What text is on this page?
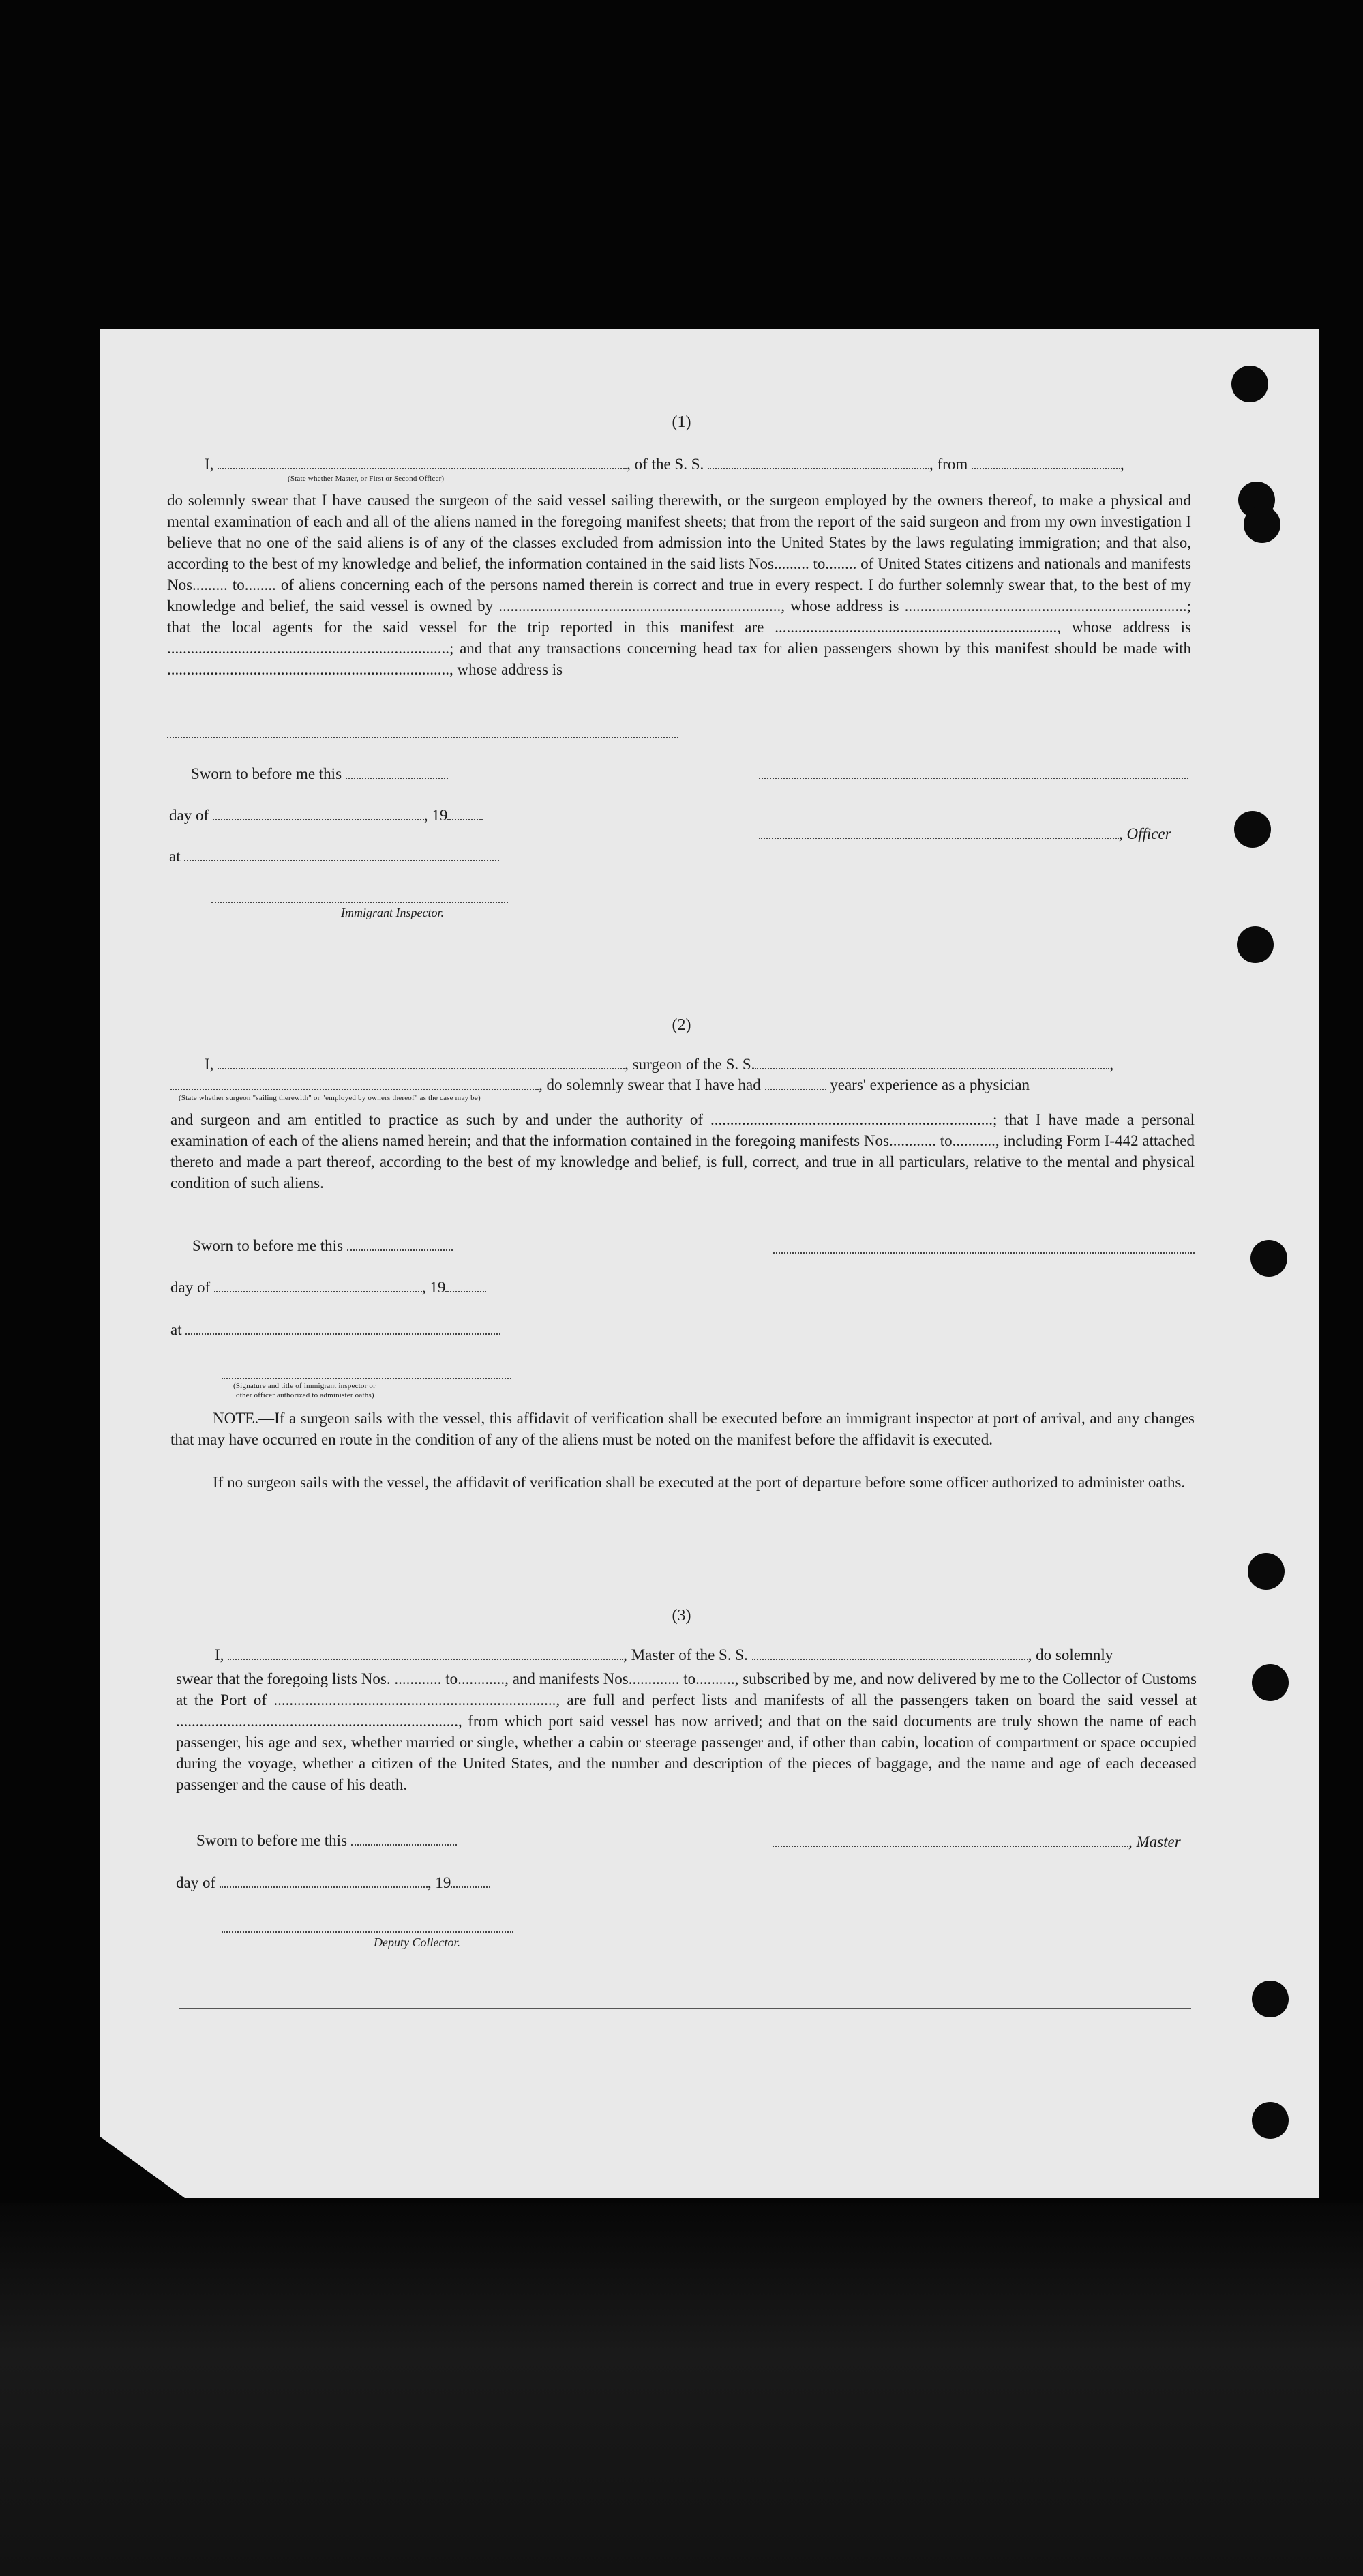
(1)
I,	, of the S. S.	, from	,
(State whether Master, or First or Second Officer)
do solemnly swear that I have caused the surgeon of the said vessel sailing therewith, or the surgeon employed by the owners thereof, to make a physical and mental examination of each and all of the aliens named in the foregoing manifest sheets; that from the report of the said surgeon and from my own investigation I believe that no one of the said aliens is of any of the classes excluded from admission into the United States by the laws regulating immigration; and that also, according to the best of my knowledge and belief, the information contained in the said lists Nos......... to........ of United States citizens and nationals and manifests Nos......... to........ of aliens concerning each of the persons named therein is correct and true in every respect. I do further solemnly swear that, to the best of my knowledge and belief, the said vessel is owned by ........................................................................, whose address is ........................................................................; that the local agents for the said vessel for the trip reported in this manifest are ........................................................................, whose address is ........................................................................; and that any transactions concerning head tax for alien passengers shown by this manifest should be made with ........................................................................, whose address is
Sworn to before me this
day of	, 19
, Officer
at
Immigrant Inspector.
(2)
I,	, surgeon of the S. S.	,
, do solemnly swear that I have had	years' experience as a physician
(State whether surgeon "sailing therewith" or "employed by owners thereof" as the case may be)
and surgeon and am entitled to practice as such by and under the authority of ........................................................................; that I have made a personal examination of each of the aliens named herein; and that the information contained in the foregoing manifests Nos............ to..........., including Form I-442 attached thereto and made a part thereof, according to the best of my knowledge and belief, is full, correct, and true in all particulars, relative to the mental and physical condition of such aliens.
Sworn to before me this
day of	, 19
at
(Signature and title of immigrant inspector or
other officer authorized to administer oaths)
NOTE.—If a surgeon sails with the vessel, this affidavit of verification shall be executed before an immigrant inspector at port of arrival, and any changes that may have occurred en route in the condition of any of the aliens must be noted on the manifest before the affidavit is executed.
If no surgeon sails with the vessel, the affidavit of verification shall be executed at the port of departure before some officer authorized to administer oaths.
(3)
I,	, Master of the S. S.	, do solemnly
swear that the foregoing lists Nos. ............ to............, and manifests Nos............. to.........., subscribed by me, and now delivered by me to the Collector of Customs at the Port of ........................................................................, are full and perfect lists and manifests of all the passengers taken on board the said vessel at ........................................................................, from which port said vessel has now arrived; and that on the said documents are truly shown the name of each passenger, his age and sex, whether married or single, whether a cabin or steerage passenger and, if other than cabin, location of compartment or space occupied during the voyage, whether a citizen of the United States, and the number and description of the pieces of baggage, and the name and age of each deceased passenger and the cause of his death.
Sworn to before me this	, Master
day of	, 19
Deputy Collector.
